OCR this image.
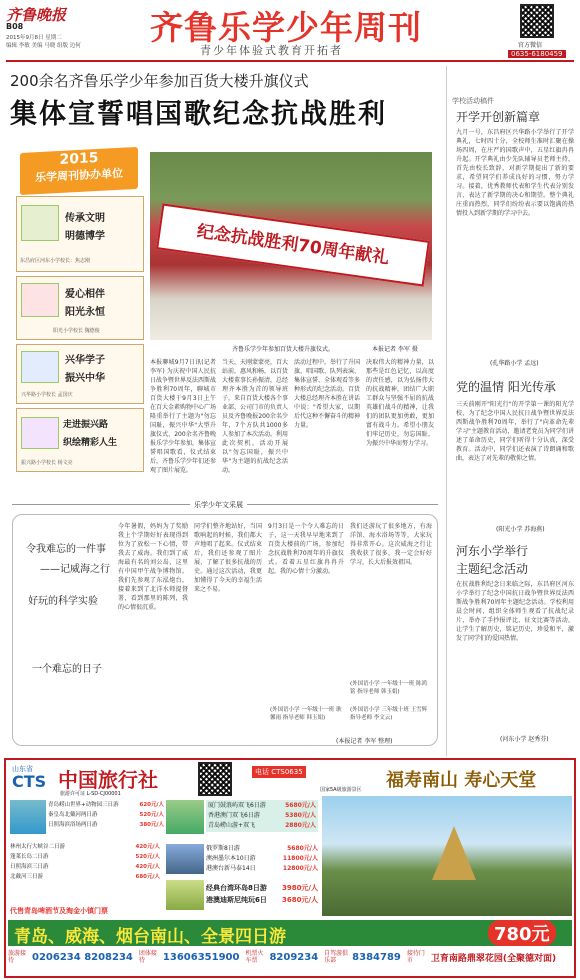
齐鲁晚报
B08
2015年9月8日 星期二
编辑 李敏 美编 马晓 组版 边何 齐鲁乐学少年周刊
青少年体验式教育开拓者	官方微信
0635-6180459
200余名齐鲁乐学少年参加百货大楼升旗仪式
集体宣誓唱国歌纪念抗战胜利
2015
乐学周刊协办单位
传承文明
明德博学
东昌府区河东小学校长：焦志刚
爱心相伴
阳光永恒
阳光小学校长 魏德俊
兴华学子
振兴中华
兴华路小学校长 孟国庆
走进振兴路
织绘精彩人生
振兴路小学校长 杨文亮
纪念抗战胜利70周年献礼
齐鲁乐学少年参加百货大楼升旗仪式。	本报记者 李军 摄
本报聊城9月7日讯(记者 李军) 为庆祝中国人民抗日战争暨世界反法西斯战争胜利70周年，聊城市百货大楼于9月3日上午在百大金素购物中心广场隆重举行了主题为"勿忘国耻，振兴中华"大型升旗仪式，200余名齐鲁晚报乐学少年参加，集体宣誓唱国歌看，仪式结束后，齐鲁乐学少年们还参观了图片展览。
当天，天刚蒙蒙亮，百大站前，惠风和畅，以百货大楼董事长孙振清，总经理齐本胜为首的领导班子，来自百货大楼各个事业部、公司门市的负责人员及齐鲁晚报200余名少年，7个方队共1000多人参加了本次活动。利用此次契机，活动开展以"勿忘国耻，振兴中华"为主题的抗战纪念活动。
活动过程中，举行了升国旗、唱国歌、队列表演、集体宣誓、全体观看等多种形式的纪念活动。百货大楼总经理齐本胜在讲话中说："希望大家，以期后代这种不懈奋斗的精神力量。
决取伟大的精神力量，以那些是红色记忆，以高度的责任感，以为弘扬伟大的抗战精神，团结广大职工群众与坚强不屈的抗战英雄们战斗的精神，让我们的团队更加勇敢，更加富有战斗力。希望小朋友们牢记历史，勿忘国耻，为振兴中华而努力学习。
乐学少年文采展
令我难忘的一件事
——记威海之行
好玩的科学实验
一个难忘的日子
今年暑假，妈妈为了奖励我上个学期好好表现得到位为了放松一下心情，带我去了威海。我们到了威海最有名的刘公岛，这里有中国甲午战争博物馆。我们先参观了东泓炮台，接着来到了北洋水师提督署，看到那里的陈列，我的心情很沉重。
同学们整齐地站好，当国歌响起的时候，我们都大声地唱了起来。仪式结束后，我们还参观了图片展，了解了很多抗战的历史。通过这次活动，我更加懂得了今天的幸福生活来之不易。
9月3日是一个令人难忘的日子，这一天我早早地来到了百货大楼前的广场，参加纪念抗战胜利70周年的升旗仪式。看着五星红旗冉冉升起，我的心情十分激动。
我们还游玩了很多地方，有海洋馆、海水浴场等等，大家玩得非常开心。这次威海之行让我收获了很多，我一定会好好学习，长大后报效祖国。
(外国语小学 一年级十一班 陈鸿铭 指导老师 韩玉娟)
(外国语小学 一年级十一班 耿馨雨 指导老师 韩玉娟)
(外国语小学 三年级十班 王雪辉 指导老师 李文云)
(本报记者 李军 整理)
学校活动稿件
开学开创新篇章
九月一号，东昌府区兴华路小学举行了开学典礼，七时四十分，全校师生准时汇聚在操场四周，在庄严的国歌声中，五星红旗冉冉升起。开学典礼由少先队辅导员老师主持，首先由校长致辞，对新学期提出了新的要求，希望同学们养成良好的习惯，努力学习。接着，优秀教师代表和学生代表分别发言，表达了新学期的决心和期望。整个典礼庄重而热烈，同学们纷纷表示要以饱满的热情投入到新学期的学习中去。
(孔华路小学 孟远)
党的温情 阳光传承
三天前刚开"阳光行"的开学第一课的阳光学校，为了纪念中国人民抗日战争暨世界反法西斯战争胜利70周年，举行了"向革命先辈学习"主题教育活动，邀请老党员为同学们讲述了革命历史，同学们听得十分认真，深受教育。活动中，同学们还表演了诗朗诵和歌曲，表达了对先辈的敬仰之情。
(阳光小学 苏海燕)
河东小学举行
主题纪念活动
在抗战胜利纪念日来临之际，东昌府区河东小学举行了纪念中国抗日战争暨世界反法西斯战争胜利70周年主题纪念活动。学校利用晨会时间，组织全体师生观看了抗战纪录片，举办了手抄报评比、征文比赛等活动，让学生了解历史，铭记历史，珍爱和平，激发了同学们的爱国热情。
(河东小学 赵秀芬)
山东省
CTS 中国旅行社
旅游许可证 L-SD-CJ00001
电话 CTS0635	福寿南山 寿心天堂
国家5A级旅游景区
青岛崂山世界+动物园三日游	620元/人
秦皇岛北戴河两日游	520元/人
日照海滨浴场两日游	380元/人
厦门鼓浪屿双飞6日游	5680元/人
香港澳门双飞6日游	5380元/人
青岛崂山游+双飞	2880元/人
林州太行大峡谷二日游	420元/人
蓬莱长岛二日游	520元/人
日照海滨三日游	420元/人
北戴河三日游	680元/人
代售青岛啤酒节及淘金小镇门票
俄罗斯8日游	5680元/人
澳洲墨尔本10日游	11800元/人
港澳台新马泰14日	12800元/人
经典台湾环岛8日游 3980元/人
港澳迪斯尼纯玩6日 3680元/人
青岛、威海、烟台南山、全景四日游	780元
旅游接待	0206234 8208234 团体接待	13606351900 机票火车票	8209234 自驾游俱乐部	8384789 接待门市	卫育南路鼎翠花园(全聚德对面)
